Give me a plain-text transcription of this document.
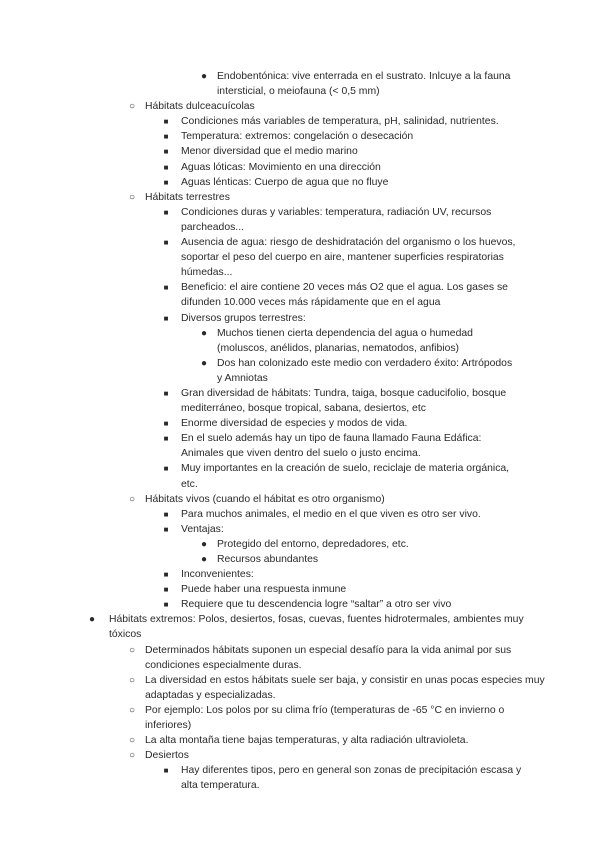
● Endobentónica: vive enterrada en el sustrato. Inlcuye a la fauna intersticial, o meiofauna (< 0,5 mm)
○ Hábitats dulceacuícolas
■	Condiciones más variables de temperatura, pH, salinidad, nutrientes.
■	Temperatura: extremos: congelación o desecación
■	Menor diversidad que el medio marino
■	Aguas lóticas: Movimiento en una dirección
■	Aguas lénticas: Cuerpo de agua que no fluye
○ Hábitats terrestres
■	Condiciones duras y variables: temperatura, radiación UV, recursos parcheados...
■	Ausencia de agua: riesgo de deshidratación del organismo o los huevos, soportar el peso del cuerpo en aire, mantener superficies respiratorias húmedas...
■	Beneficio: el aire contiene 20 veces más O2 que el agua. Los gases se difunden 10.000 veces más rápidamente que en el agua
■	Diversos grupos terrestres:
● Muchos tienen cierta dependencia del agua o humedad (moluscos, anélidos, planarias, nematodos, anfibios)
● Dos han colonizado este medio con verdadero éxito: Artrópodos y Amniotas
■	Gran diversidad de hábitats: Tundra, taiga, bosque caducifolio, bosque mediterráneo, bosque tropical, sabana, desiertos, etc
■	Enorme diversidad de especies y modos de vida.
■	En el suelo además hay un tipo de fauna llamado Fauna Edáfica: Animales que viven dentro del suelo o justo encima.
■	Muy importantes en la creación de suelo, reciclaje de materia orgánica, etc.
○ Hábitats vivos (cuando el hábitat es otro organismo)
■	Para muchos animales, el medio en el que viven es otro ser vivo.
■	Ventajas:
● Protegido del entorno, depredadores, etc.
● Recursos abundantes
■	Inconvenientes:
■	Puede haber una respuesta inmune
■	Requiere que tu descendencia logre “saltar” a otro ser vivo
● Hábitats extremos: Polos, desiertos, fosas, cuevas, fuentes hidrotermales, ambientes muy tóxicos
○ Determinados hábitats suponen un especial desafío para la vida animal por sus condiciones especialmente duras.
○ La diversidad en estos hábitats suele ser baja, y consistir en unas pocas especies muy adaptadas y especializadas.
○ Por ejemplo: Los polos por su clima frío (temperaturas de -65 °C en invierno o inferiores)
○ La alta montaña tiene bajas temperaturas, y alta radiación ultravioleta.
○ Desiertos
■	Hay diferentes tipos, pero en general son zonas de precipitación escasa y alta temperatura.
